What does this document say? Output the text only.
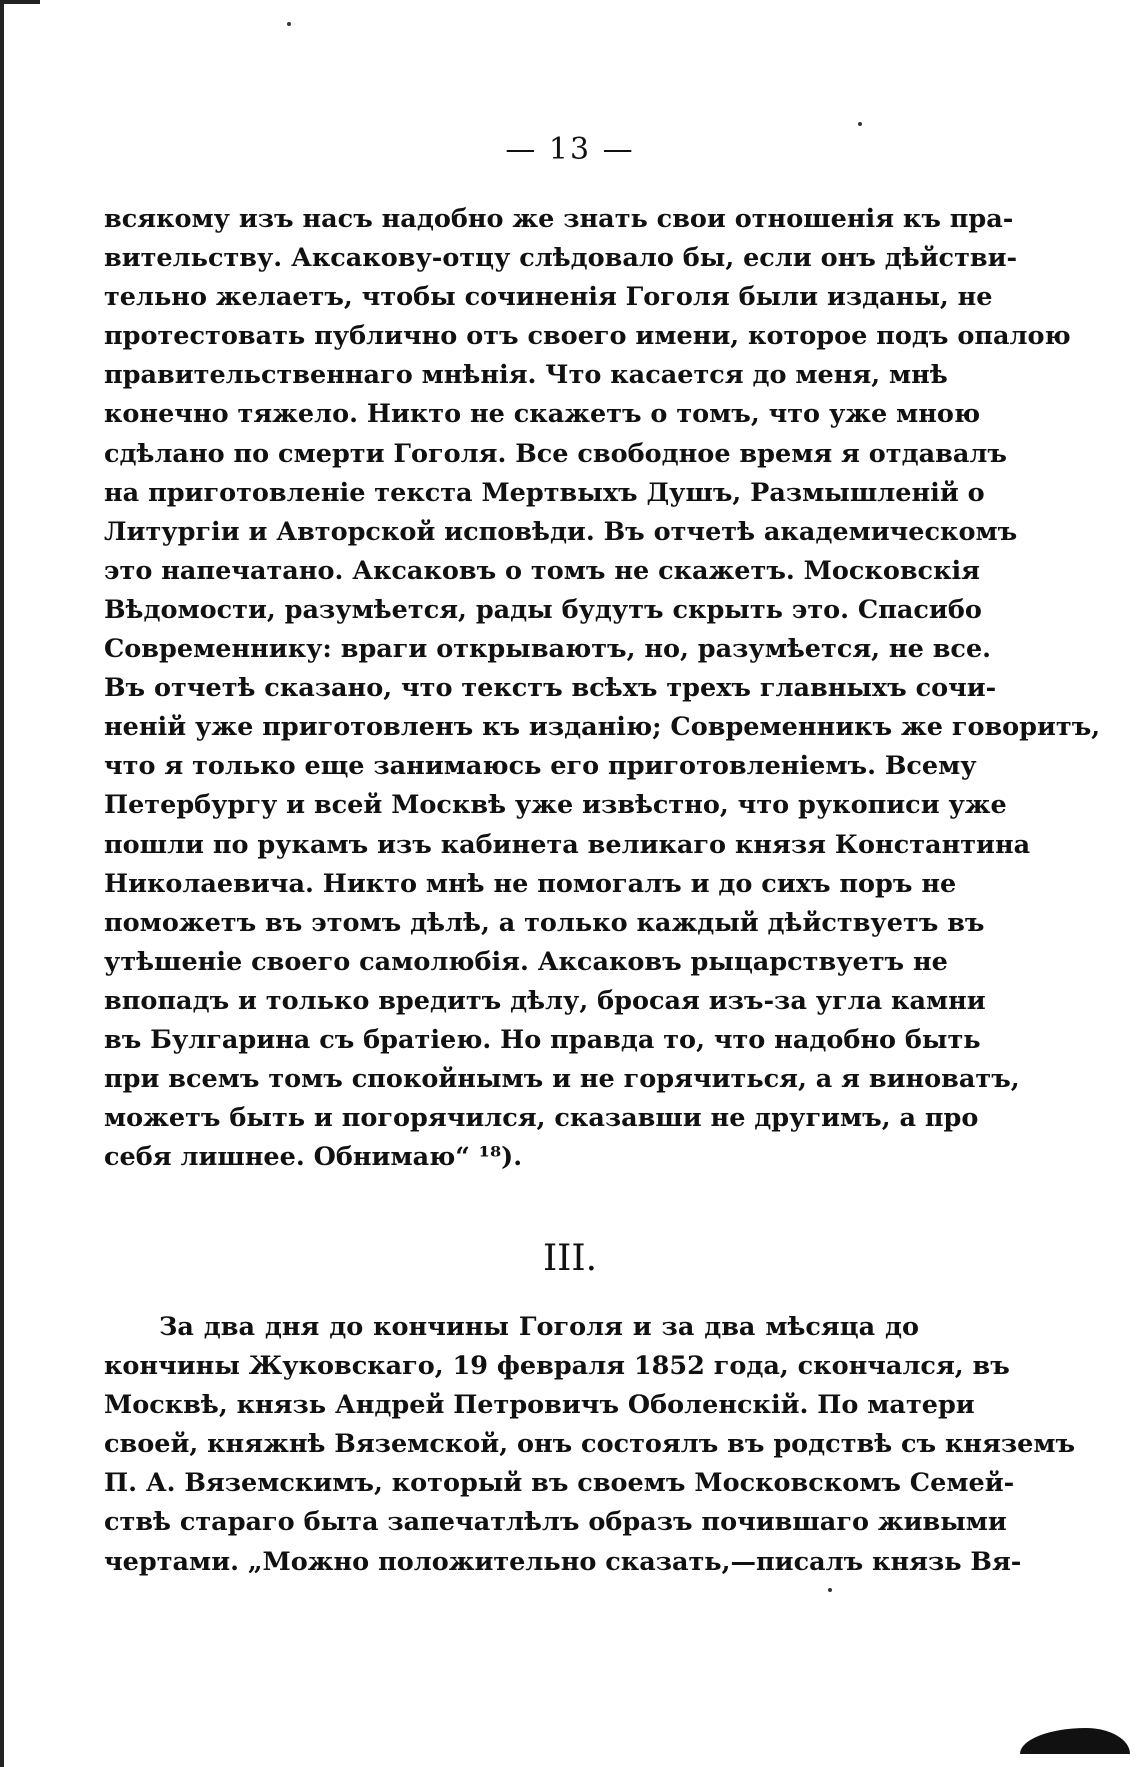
— 13 —
всякому изъ насъ надобно же знать свои отношенія къ пра-
вительству. Аксакову-отцу слѣдовало бы, если онъ дѣйстви-
тельно желаетъ, чтобы сочиненія Гоголя были изданы, не
протестовать публично отъ своего имени, которое подъ опалою
правительственнаго мнѣнія. Что касается до меня, мнѣ
конечно тяжело. Никто не скажетъ о томъ, что уже мною
сдѣлано по смерти Гоголя. Все свободное время я отдавалъ
на приготовленіе текста Мертвыхъ Душъ, Размышленій о
Литургіи и Авторской исповѣди. Въ отчетѣ академическомъ
это напечатано. Аксаковъ о томъ не скажетъ. Московскія
Вѣдомости, разумѣется, рады будутъ скрыть это. Спасибо
Современнику: враги открываютъ, но, разумѣется, не все.
Въ отчетѣ сказано, что текстъ всѣхъ трехъ главныхъ сочи-
неній уже приготовленъ къ изданію; Современникъ же говоритъ,
что я только еще занимаюсь его приготовленіемъ. Всему
Петербургу и всей Москвѣ уже извѣстно, что рукописи уже
пошли по рукамъ изъ кабинета великаго князя Константина
Николаевича. Никто мнѣ не помогалъ и до сихъ поръ не
поможетъ въ этомъ дѣлѣ, а только каждый дѣйствуетъ въ
утѣшеніе своего самолюбія. Аксаковъ рыцарствуетъ не
впопадъ и только вредитъ дѣлу, бросая изъ-за угла камни
въ Булгарина съ братіею. Но правда то, что надобно быть
при всемъ томъ спокойнымъ и не горячиться, а я виноватъ,
можетъ быть и погорячился, сказавши не другимъ, а про
себя лишнее. Обнимаю“ ¹⁸).
III.
За два дня до кончины Гоголя и за два мѣсяца до
кончины Жуковскаго, 19 февраля 1852 года, скончался, въ
Москвѣ, князь Андрей Петровичъ Оболенскій. По матери
своей, княжнѣ Вяземской, онъ состоялъ въ родствѣ съ княземъ
П. А. Вяземскимъ, который въ своемъ Московскомъ Семей-
ствѣ стараго быта запечатлѣлъ образъ почившаго живыми
чертами. „Можно положительно сказать,—писалъ князь Вя-
